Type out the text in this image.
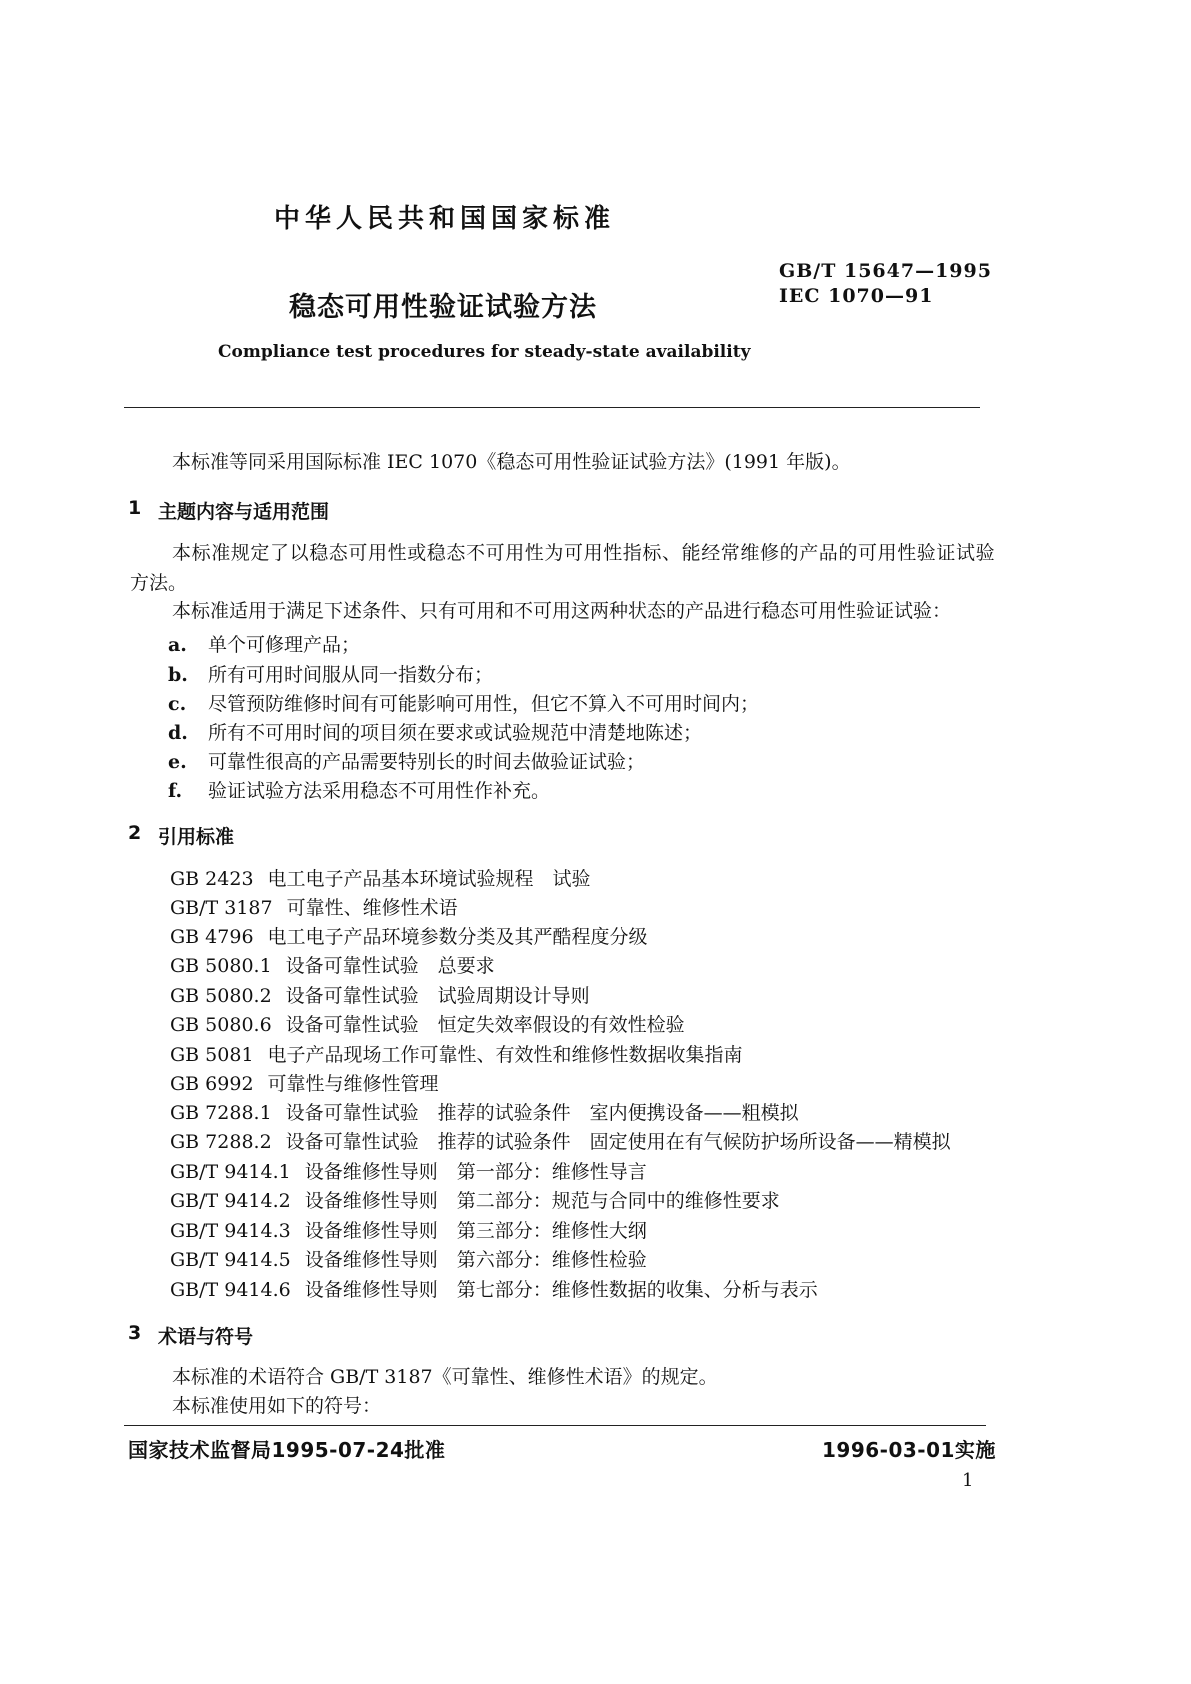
中华人民共和国国家标准
GB/T 15647—1995
IEC 1070—91
稳态可用性验证试验方法
Compliance test procedures for steady-state availability
本标准等同采用国际标准 IEC 1070《稳态可用性验证试验方法》(1991 年版)。
1 主题内容与适用范围
本标准规定了以稳态可用性或稳态不可用性为可用性指标、能经常维修的产品的可用性验证试验
方法。
本标准适用于满足下述条件、只有可用和不可用这两种状态的产品进行稳态可用性验证试验：
a. 单个可修理产品；
b. 所有可用时间服从同一指数分布；
c. 尽管预防维修时间有可能影响可用性，但它不算入不可用时间内；
d. 所有不可用时间的项目须在要求或试验规范中清楚地陈述；
e. 可靠性很高的产品需要特别长的时间去做验证试验；
f. 验证试验方法采用稳态不可用性作补充。
2 引用标准
GB 2423 电工电子产品基本环境试验规程　试验
GB/T 3187 可靠性、维修性术语
GB 4796 电工电子产品环境参数分类及其严酷程度分级
GB 5080.1 设备可靠性试验　总要求
GB 5080.2 设备可靠性试验　试验周期设计导则
GB 5080.6 设备可靠性试验　恒定失效率假设的有效性检验
GB 5081 电子产品现场工作可靠性、有效性和维修性数据收集指南
GB 6992 可靠性与维修性管理
GB 7288.1 设备可靠性试验　推荐的试验条件　室内便携设备——粗模拟
GB 7288.2 设备可靠性试验　推荐的试验条件　固定使用在有气候防护场所设备——精模拟
GB/T 9414.1 设备维修性导则　第一部分：维修性导言
GB/T 9414.2 设备维修性导则　第二部分：规范与合同中的维修性要求
GB/T 9414.3 设备维修性导则　第三部分：维修性大纲
GB/T 9414.5 设备维修性导则　第六部分：维修性检验
GB/T 9414.6 设备维修性导则　第七部分：维修性数据的收集、分析与表示
3 术语与符号
本标准的术语符合 GB/T 3187《可靠性、维修性术语》的规定。
本标准使用如下的符号：
国家技术监督局1995-07-24批准	1996-03-01实施
1
